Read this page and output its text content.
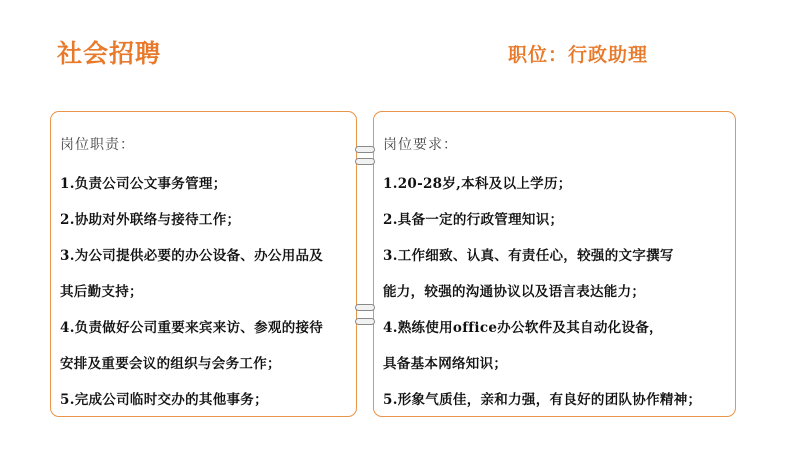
社会招聘	职位：行政助理
岗位职责：
1.负责公司公文事务管理；
2.协助对外联络与接待工作；
3.为公司提供必要的办公设备、办公用品及
其后勤支持；
4.负责做好公司重要来宾来访、参观的接待
安排及重要会议的组织与会务工作；
5.完成公司临时交办的其他事务；
岗位要求：
1.20-28岁,本科及以上学历；
2.具备一定的行政管理知识；
3.工作细致、认真、有责任心，较强的文字撰写
能力，较强的沟通协议以及语言表达能力；
4.熟练使用office办公软件及其自动化设备，
具备基本网络知识；
5.形象气质佳，亲和力强，有良好的团队协作精神；
